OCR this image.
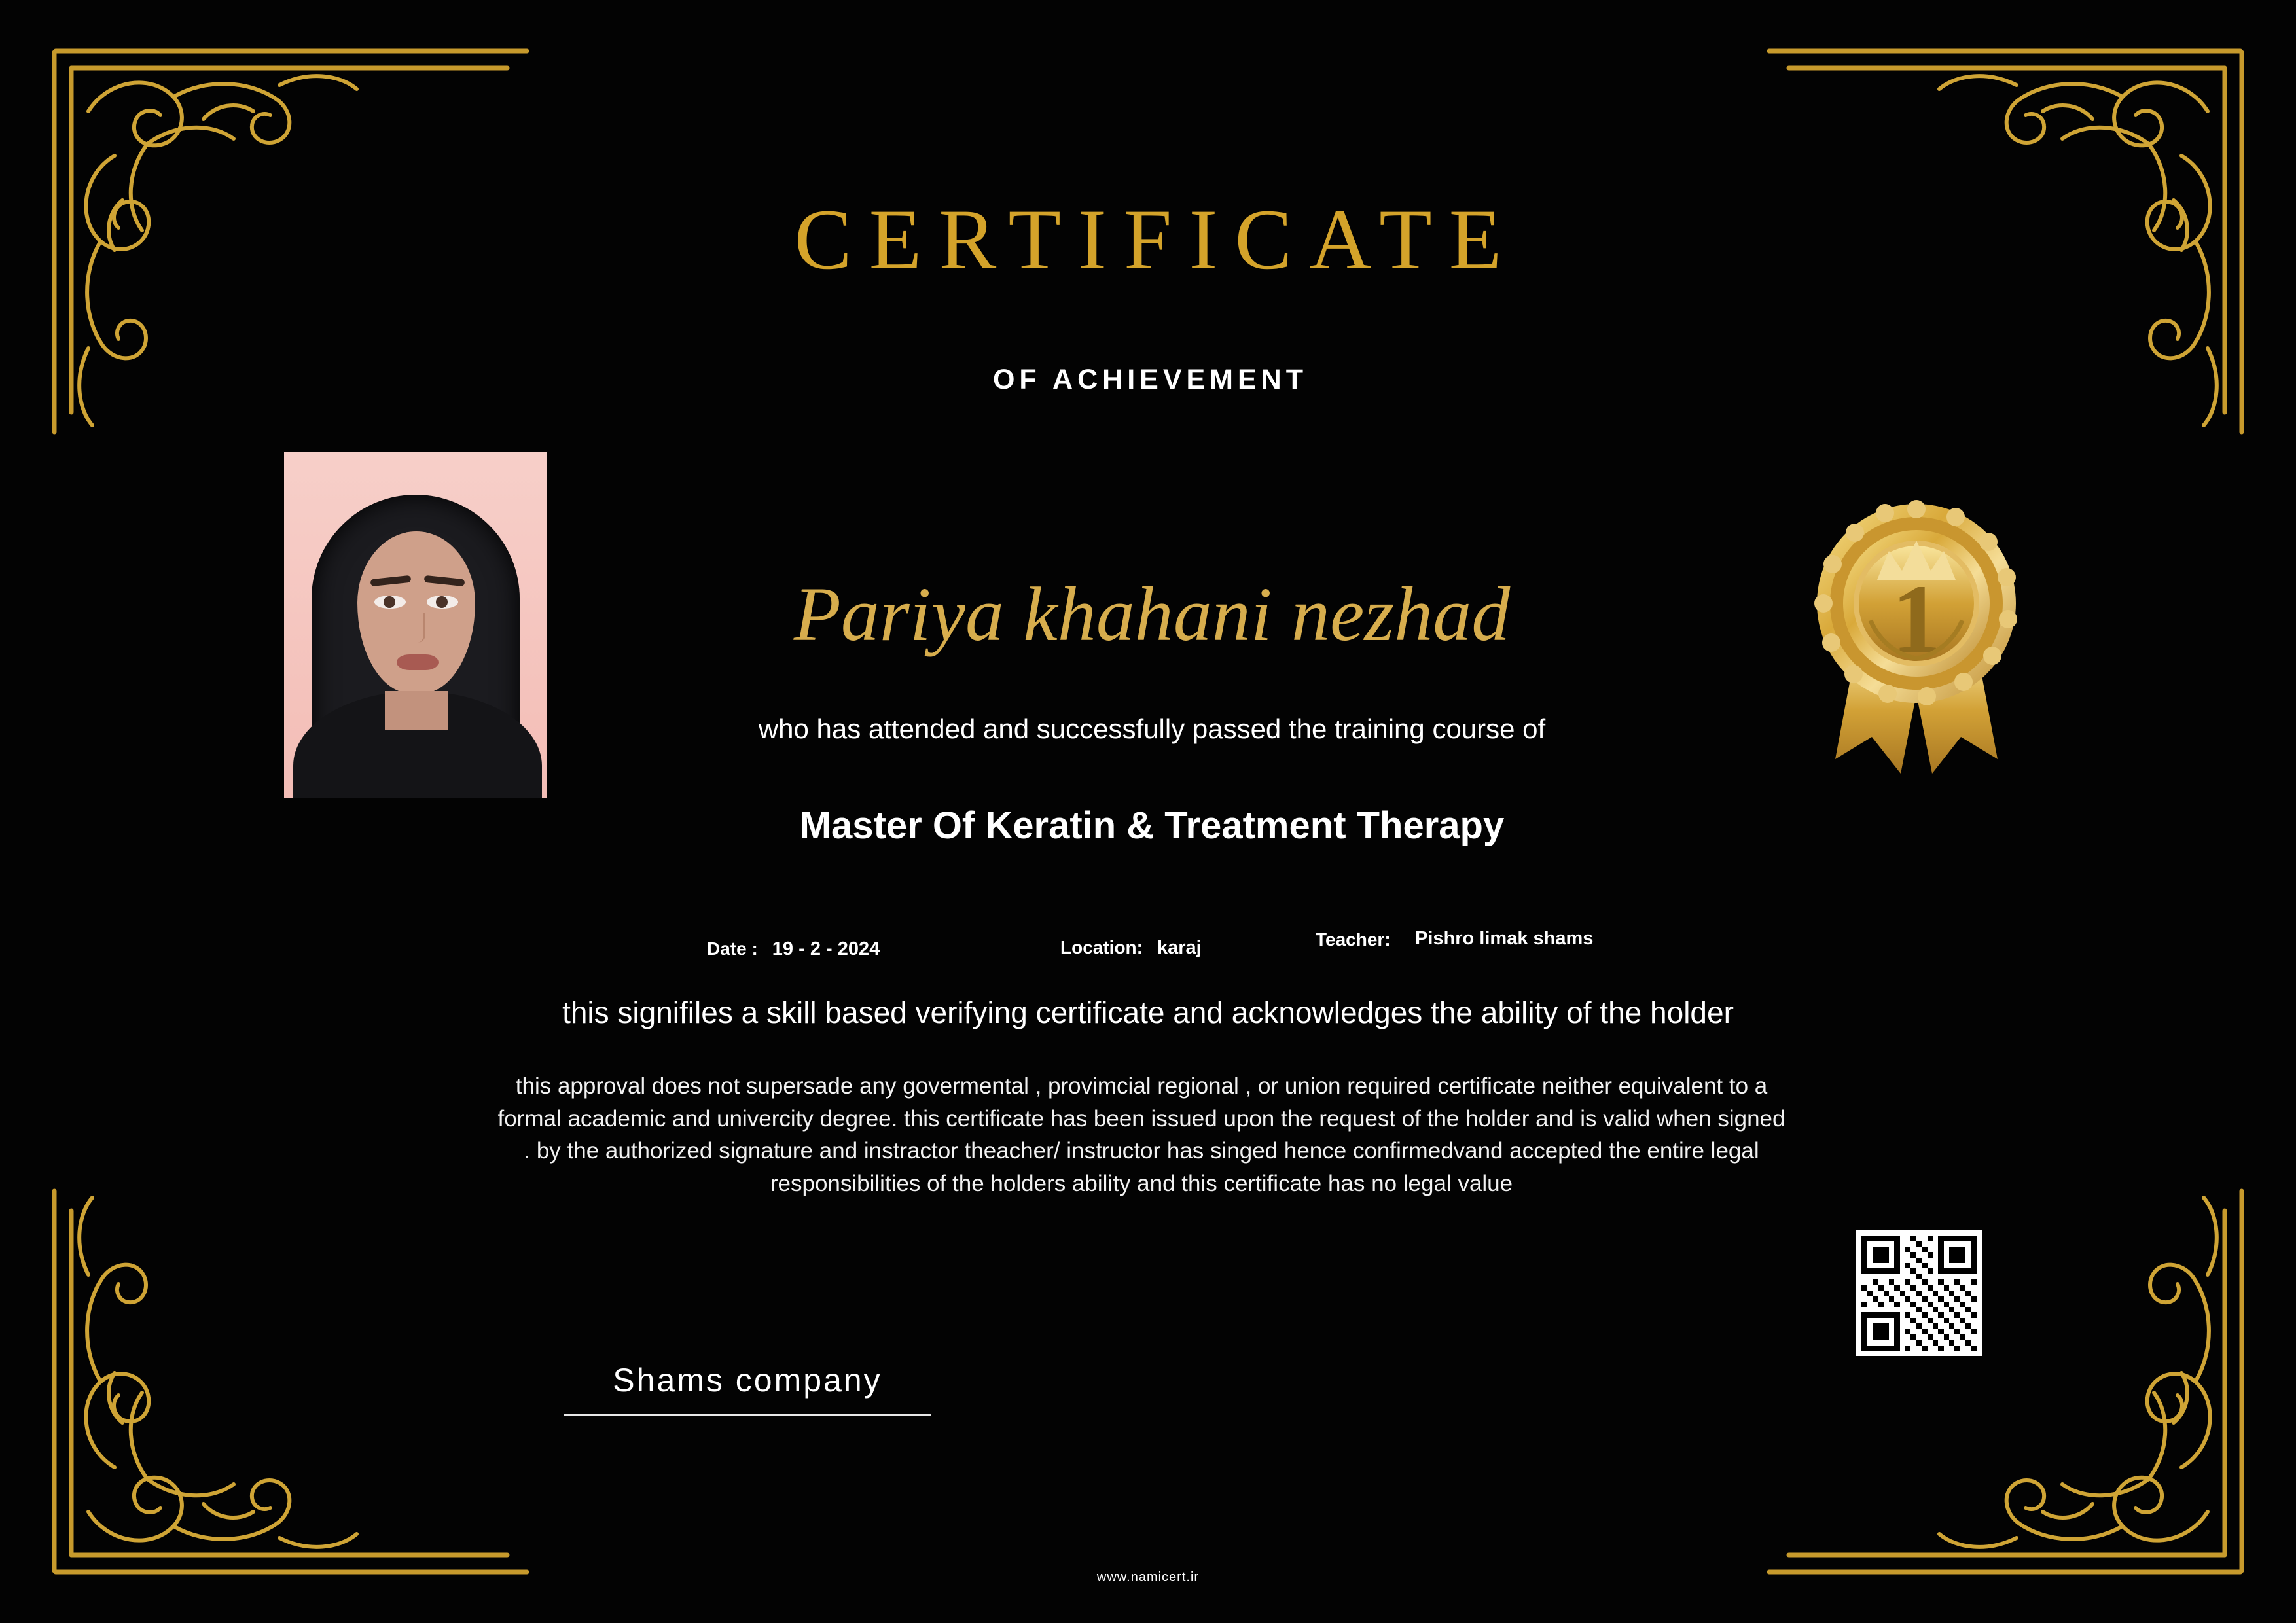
CERTIFICATE
OF ACHIEVEMENT
1
Pariya khahani nezhad
who has attended and successfully passed the training course of
Master Of Keratin & Treatment Therapy
Date : 19 - 2 - 2024	Location: karaj	Teacher:	Pishro limak shams
this signifiles a skill based verifying certificate and acknowledges the ability of the holder
this approval does not supersade any govermental , provimcial regional , or union required certificate neither equivalent to a formal academic and univercity degree. this certificate has been issued upon the request of the holder and is valid when signed . by the authorized signature and instractor theacher/ instructor has singed hence confirmedvand accepted the entire legal responsibilities of the holders ability and this certificate has no legal value
Shams company
www.namicert.ir
